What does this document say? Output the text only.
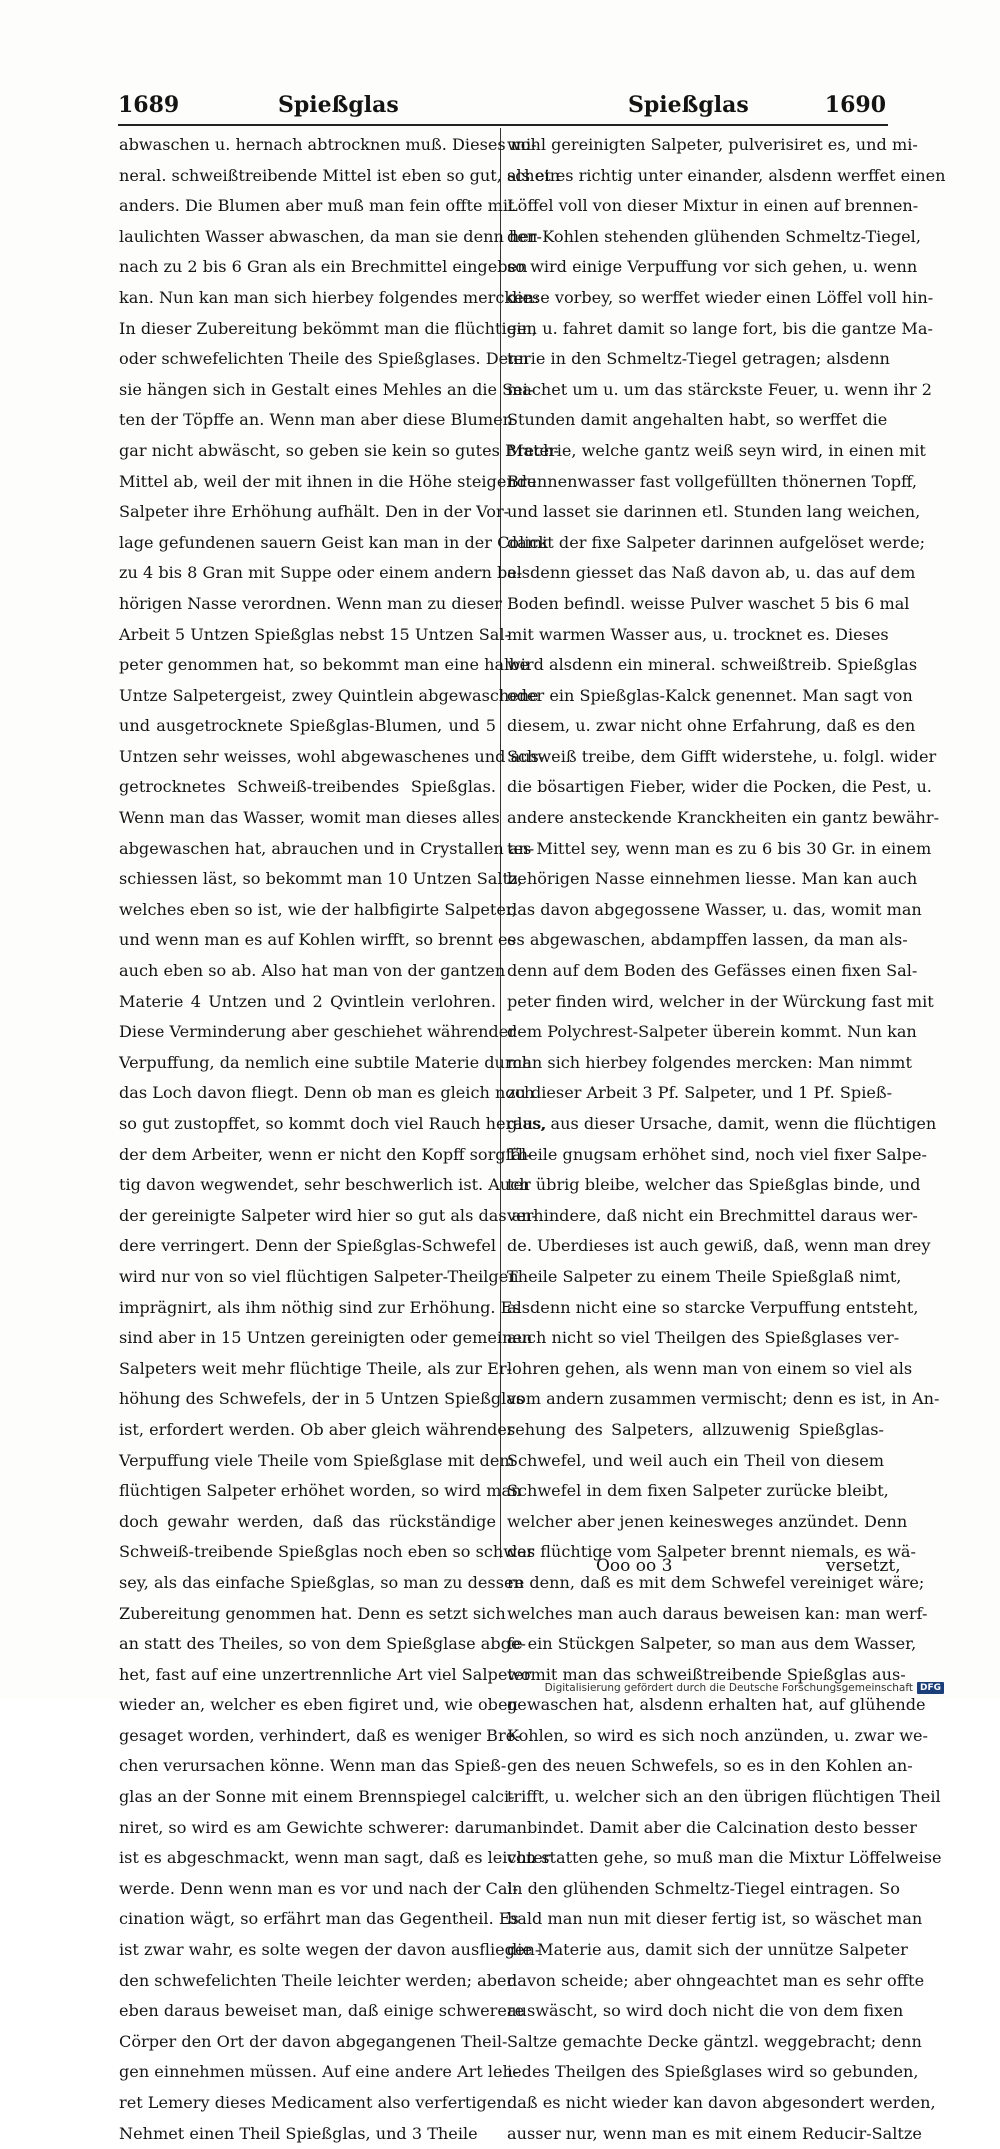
1689	Spießglas	Spießglas	1690
abwaschen u. hernach abtrocknen muß. Dieses mi-
neral. schweißtreibende Mittel ist eben so gut, als ein
anders. Die Blumen aber muß man fein offte mit
laulichten Wasser abwaschen, da man sie denn her-
nach zu 2 bis 6 Gran als ein Brechmittel eingeben
kan. Nun kan man sich hierbey folgendes mercken:
In dieser Zubereitung bekömmt man die flüchtigen
oder schwefelichten Theile des Spießglases. Denn
sie hängen sich in Gestalt eines Mehles an die Sei-
ten der Töpffe an. Wenn man aber diese Blumen
gar nicht abwäscht, so geben sie kein so gutes Brech-
Mittel ab, weil der mit ihnen in die Höhe steigende
Salpeter ihre Erhöhung aufhält. Den in der Vor-
lage gefundenen sauern Geist kan man in der Colick
zu 4 bis 8 Gran mit Suppe oder einem andern be-
hörigen Nasse verordnen. Wenn man zu dieser
Arbeit 5 Untzen Spießglas nebst 15 Untzen Sal-
peter genommen hat, so bekommt man eine halbe
Untze Salpetergeist, zwey Quintlein abgewaschene
und ausgetrocknete Spießglas-Blumen, und 5
Untzen sehr weisses, wohl abgewaschenes und aus-
getrocknetes Schweiß-treibendes Spießglas.
Wenn man das Wasser, womit man dieses alles
abgewaschen hat, abrauchen und in Crystallen an-
schiessen läst, so bekommt man 10 Untzen Saltz,
welches eben so ist, wie der halbfigirte Salpeter,
und wenn man es auf Kohlen wirfft, so brennt es
auch eben so ab. Also hat man von der gantzen
Materie 4 Untzen und 2 Qvintlein verlohren.
Diese Verminderung aber geschiehet währender
Verpuffung, da nemlich eine subtile Materie durch
das Loch davon fliegt. Denn ob man es gleich noch
so gut zustopffet, so kommt doch viel Rauch heraus,
der dem Arbeiter, wenn er nicht den Kopff sorgfäl-
tig davon wegwendet, sehr beschwerlich ist. Auch
der gereinigte Salpeter wird hier so gut als das an-
dere verringert. Denn der Spießglas-Schwefel
wird nur von so viel flüchtigen Salpeter-Theilgen
imprägnirt, als ihm nöthig sind zur Erhöhung. Es
sind aber in 15 Untzen gereinigten oder gemeinen
Salpeters weit mehr flüchtige Theile, als zur Er-
höhung des Schwefels, der in 5 Untzen Spießglas
ist, erfordert werden. Ob aber gleich währender
Verpuffung viele Theile vom Spießglase mit dem
flüchtigen Salpeter erhöhet worden, so wird man
doch gewahr werden, daß das rückständige
Schweiß-treibende Spießglas noch eben so schwer
sey, als das einfache Spießglas, so man zu dessen
Zubereitung genommen hat. Denn es setzt sich
an statt des Theiles, so von dem Spießglase abge-
het, fast auf eine unzertrennliche Art viel Salpeter
wieder an, welcher es eben figiret und, wie oben
gesaget worden, verhindert, daß es weniger Bre-
chen verursachen könne. Wenn man das Spieß-
glas an der Sonne mit einem Brennspiegel calci-
niret, so wird es am Gewichte schwerer: darum
ist es abgeschmackt, wenn man sagt, daß es leichter
werde. Denn wenn man es vor und nach der Cal-
cination wägt, so erfährt man das Gegentheil. Es
ist zwar wahr, es solte wegen der davon ausfliegen-
den schwefelichten Theile leichter werden; aber
eben daraus beweiset man, daß einige schwerere
Cörper den Ort der davon abgegangenen Theil-
gen einnehmen müssen. Auf eine andere Art leh-
ret Lemery dieses Medicament also verfertigen:
Nehmet einen Theil Spießglas, und 3 Theile
wohl gereinigten Salpeter, pulverisiret es, und mi-
schet es richtig unter einander, alsdenn werffet einen
Löffel voll von dieser Mixtur in einen auf brennen-
den Kohlen stehenden glühenden Schmeltz-Tiegel,
so wird einige Verpuffung vor sich gehen, u. wenn
diese vorbey, so werffet wieder einen Löffel voll hin-
ein, u. fahret damit so lange fort, bis die gantze Ma-
terie in den Schmeltz-Tiegel getragen; alsdenn
machet um u. um das stärckste Feuer, u. wenn ihr 2
Stunden damit angehalten habt, so werffet die
Materie, welche gantz weiß seyn wird, in einen mit
Brunnenwasser fast vollgefüllten thönernen Topff,
und lasset sie darinnen etl. Stunden lang weichen,
damit der fixe Salpeter darinnen aufgelöset werde;
alsdenn giesset das Naß davon ab, u. das auf dem
Boden befindl. weisse Pulver waschet 5 bis 6 mal
mit warmen Wasser aus, u. trocknet es. Dieses
wird alsdenn ein mineral. schweißtreib. Spießglas
oder ein Spießglas-Kalck genennet. Man sagt von
diesem, u. zwar nicht ohne Erfahrung, daß es den
Schweiß treibe, dem Gifft widerstehe, u. folgl. wider
die bösartigen Fieber, wider die Pocken, die Pest, u.
andere ansteckende Kranckheiten ein gantz bewähr-
tes Mittel sey, wenn man es zu 6 bis 30 Gr. in einem
behörigen Nasse einnehmen liesse. Man kan auch
das davon abgegossene Wasser, u. das, womit man
es abgewaschen, abdampffen lassen, da man als-
denn auf dem Boden des Gefässes einen fixen Sal-
peter finden wird, welcher in der Würckung fast mit
dem Polychrest-Salpeter überein kommt. Nun kan
man sich hierbey folgendes mercken: Man nimmt
zu dieser Arbeit 3 Pf. Salpeter, und 1 Pf. Spieß-
glas, aus dieser Ursache, damit, wenn die flüchtigen
Theile gnugsam erhöhet sind, noch viel fixer Salpe-
ter übrig bleibe, welcher das Spießglas binde, und
verhindere, daß nicht ein Brechmittel daraus wer-
de. Uberdieses ist auch gewiß, daß, wenn man drey
Theile Salpeter zu einem Theile Spießglaß nimt,
alsdenn nicht eine so starcke Verpuffung entsteht,
auch nicht so viel Theilgen des Spießglases ver-
lohren gehen, als wenn man von einem so viel als
vom andern zusammen vermischt; denn es ist, in An-
sehung des Salpeters, allzuwenig Spießglas-
Schwefel, und weil auch ein Theil von diesem
Schwefel in dem fixen Salpeter zurücke bleibt,
welcher aber jenen keinesweges anzündet. Denn
das flüchtige vom Salpeter brennt niemals, es wä-
re denn, daß es mit dem Schwefel vereiniget wäre;
welches man auch daraus beweisen kan: man werf-
fe ein Stückgen Salpeter, so man aus dem Wasser,
womit man das schweißtreibende Spießglas aus-
gewaschen hat, alsdenn erhalten hat, auf glühende
Kohlen, so wird es sich noch anzünden, u. zwar we-
gen des neuen Schwefels, so es in den Kohlen an-
trifft, u. welcher sich an den übrigen flüchtigen Theil
anbindet. Damit aber die Calcination desto besser
von statten gehe, so muß man die Mixtur Löffelweise
in den glühenden Schmeltz-Tiegel eintragen. So
bald man nun mit dieser fertig ist, so wäschet man
die Materie aus, damit sich der unnütze Salpeter
davon scheide; aber ohngeachtet man es sehr offte
auswäscht, so wird doch nicht die von dem fixen
Saltze gemachte Decke gäntzl. weggebracht; denn
iedes Theilgen des Spießglases wird so gebunden,
daß es nicht wieder kan davon abgesondert werden,
ausser nur, wenn man es mit einem Reducir-Saltze
Ooo oo 3	versetzt,
Digitalisierung gefördert durch die Deutsche Forschungsgemeinschaft DFG
